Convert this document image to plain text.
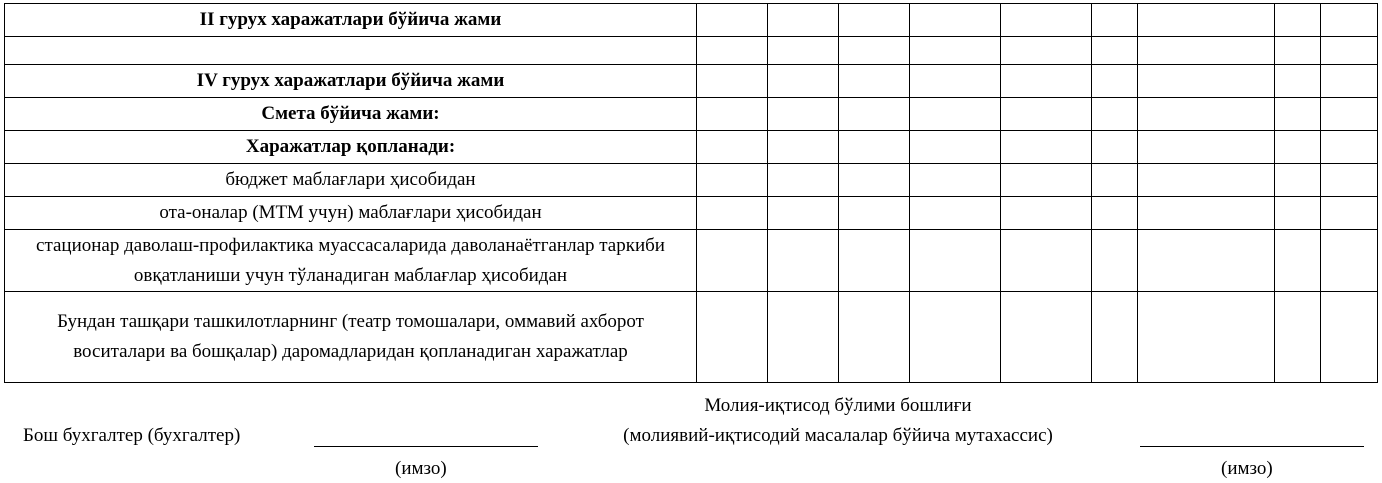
II гурух харажатлари бўйича жами									

IV гурух харажатлари бўйича жами									
Смета бўйича жами:									
Харажатлар қопланади:									
бюджет маблағлари ҳисобидан									
ота-оналар (МТМ учун) маблағлари ҳисобидан									
стационар даволаш-профилактика муассасаларида даволанаётганлар таркиби овқатланиши учун тўланадиган маблағлар ҳисобидан									
Бундан ташқари ташкилотларнинг (театр томошалари, оммавий ахборот воситалари ва бошқалар) даромадларидан қопланадиган харажатлар									
Бош бухгалтер (бухгалтер)
(имзо)
Молия-иқтисод бўлими бошлиғи
(молиявий-иқтисодий масалалар бўйича мутахассис)
(имзо)
